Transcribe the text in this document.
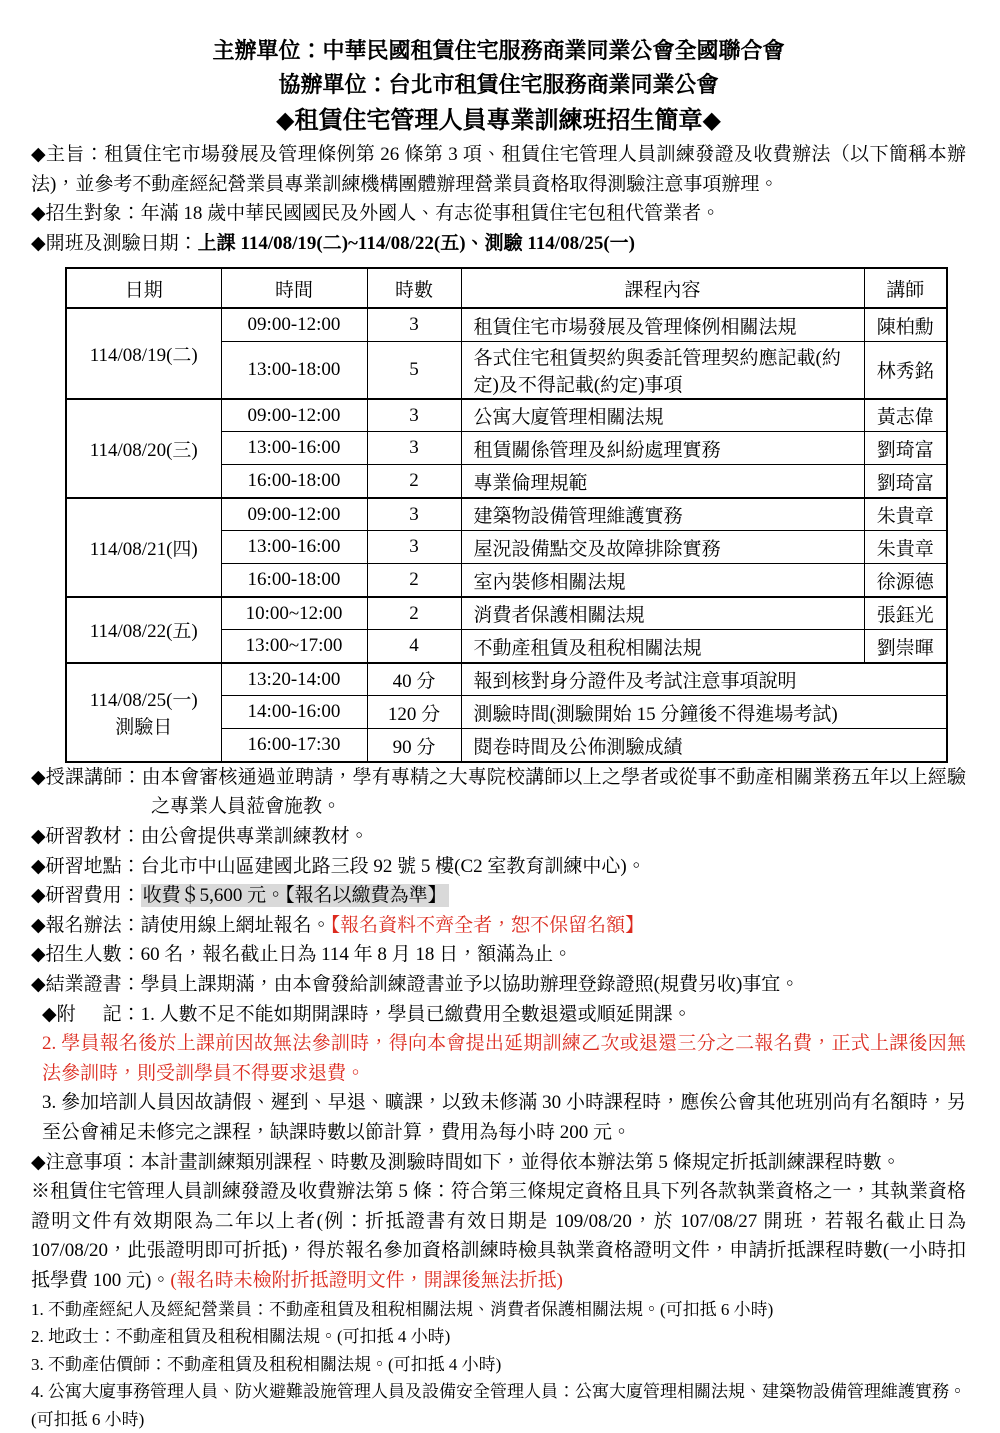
主辦單位：中華民國租賃住宅服務商業同業公會全國聯合會
協辦單位：台北市租賃住宅服務商業同業公會
◆租賃住宅管理人員專業訓練班招生簡章◆

◆主旨：租賃住宅市場發展及管理條例第 26 條第 3 項、租賃住宅管理人員訓練發證及收費辦法（以下簡稱本辦法)，並參考不動產經紀營業員專業訓練機構團體辦理營業員資格取得測驗注意事項辦理。

◆招生對象：年滿 18 歲中華民國國民及外國人、有志從事租賃住宅包租代管業者。

◆開班及測驗日期：上課 114/08/19(二)~114/08/22(五)、測驗 114/08/25(一)

日期	時間	時數	課程內容	講師
114/08/19(二)	09:00-12:00	3	租賃住宅市場發展及管理條例相關法規	陳柏勳
	13:00-18:00	5	各式住宅租賃契約與委託管理契約應記載(約定)及不得記載(約定)事項	林秀銘
114/08/20(三)	09:00-12:00	3	公寓大廈管理相關法規	黃志偉
	13:00-16:00	3	租賃關係管理及糾紛處理實務	劉琦富
	16:00-18:00	2	專業倫理規範	劉琦富
114/08/21(四)	09:00-12:00	3	建築物設備管理維護實務	朱貴章
	13:00-16:00	3	屋況設備點交及故障排除實務	朱貴章
	16:00-18:00	2	室內裝修相關法規	徐源德
114/08/22(五)	10:00~12:00	2	消費者保護相關法規	張鈺光
	13:00~17:00	4	不動產租賃及租稅相關法規	劉崇暉

114/08/25(一)
測驗日	13:20-14:00	40 分	報到核對身分證件及考試注意事項說明	
	14:00-16:00	120 分	測驗時間(測驗開始 15 分鐘後不得進場考試)	
	16:00-17:30	90 分	閱卷時間及公佈測驗成績	

◆授課講師：由本會審核通過並聘請，學有專精之大專院校講師以上之學者或從事不動產相關業務五年以上經驗之專業人員蒞會施教。

◆研習教材：由公會提供專業訓練教材。

◆研習地點：台北市中山區建國北路三段 92 號 5 樓(C2 室教育訓練中心)。

◆研習費用： 收費＄5,600 元。【報名以繳費為準】

◆報名辦法：請使用線上網址報名。【報名資料不齊全者，恕不保留名額】

◆招生人數：60 名，報名截止日為 114 年 8 月 18 日，額滿為止。

◆結業證書：學員上課期滿，由本會發給訓練證書並予以協助辦理登錄證照(規費另收)事宜。

◆附 記：1. 人數不足不能如期開課時，學員已繳費用全數退還或順延開課。

2. 學員報名後於上課前因故無法參訓時，得向本會提出延期訓練乙次或退還三分之二報名費，正式上課後因無法參訓時，則受訓學員不得要求退費。

3. 參加培訓人員因故請假、遲到、早退、曠課，以致未修滿 30 小時課程時，應俟公會其他班別尚有名額時，另至公會補足未修完之課程，缺課時數以節計算，費用為每小時 200 元。

◆注意事項：本計畫訓練類別課程、時數及測驗時間如下，並得依本辦法第 5 條規定折抵訓練課程時數。

※租賃住宅管理人員訓練發證及收費辦法第 5 條：符合第三條規定資格且具下列各款執業資格之一，其執業資格證明文件有效期限為二年以上者(例：折抵證書有效日期是 109/08/20，於 107/08/27 開班，若報名截止日為 107/08/20，此張證明即可折抵)，得於報名參加資格訓練時檢具執業資格證明文件，申請折抵課程時數(一小時扣抵學費 100 元)。(報名時未檢附折抵證明文件，開課後無法折抵)

1. 不動產經紀人及經紀營業員：不動產租賃及租稅相關法規、消費者保護相關法規。(可扣抵 6 小時)

2. 地政士：不動產租賃及租稅相關法規。(可扣抵 4 小時)

3. 不動產估價師：不動產租賃及租稅相關法規。(可扣抵 4 小時)

4. 公寓大廈事務管理人員、防火避難設施管理人員及設備安全管理人員：公寓大廈管理相關法規、建築物設備管理維護實務。(可扣抵 6 小時)
